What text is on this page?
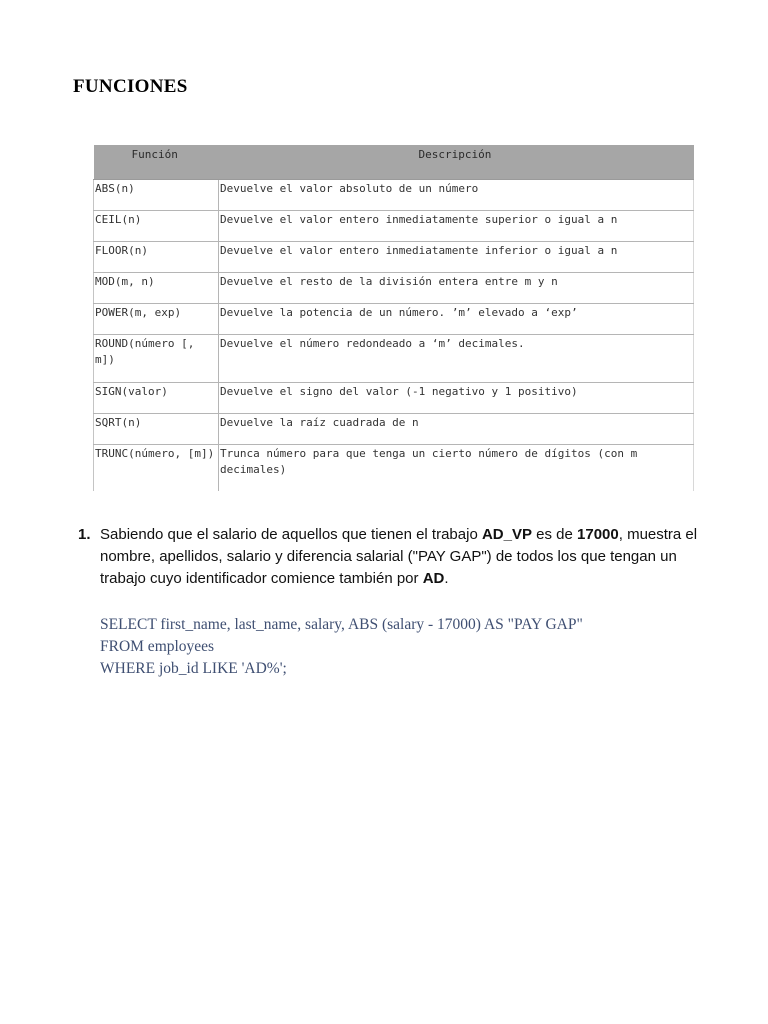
FUNCIONES
Función	Descripción
ABS(n)	Devuelve el valor absoluto de un número
CEIL(n)	Devuelve el valor entero inmediatamente superior o igual a n
FLOOR(n)	Devuelve el valor entero inmediatamente inferior o igual a n
MOD(m, n)	Devuelve el resto de la división entera entre m y n
POWER(m, exp)	Devuelve la potencia de un número. ’m’ elevado a ‘exp’
ROUND(número [, m])	Devuelve el número redondeado a ‘m’ decimales.
SIGN(valor)	Devuelve el signo del valor (-1 negativo y 1 positivo)
SQRT(n)	Devuelve la raíz cuadrada de n
TRUNC(número, [m])	Trunca número para que tenga un cierto número de dígitos (con m decimales)
1. Sabiendo que el salario de aquellos que tienen el trabajo AD_VP es de 17000, muestra el nombre, apellidos, salario y diferencia salarial ("PAY GAP") de todos los que tengan un trabajo cuyo identificador comience también por AD.
SELECT first_name, last_name, salary, ABS (salary - 17000) AS "PAY GAP"
FROM employees
WHERE job_id LIKE 'AD%';
